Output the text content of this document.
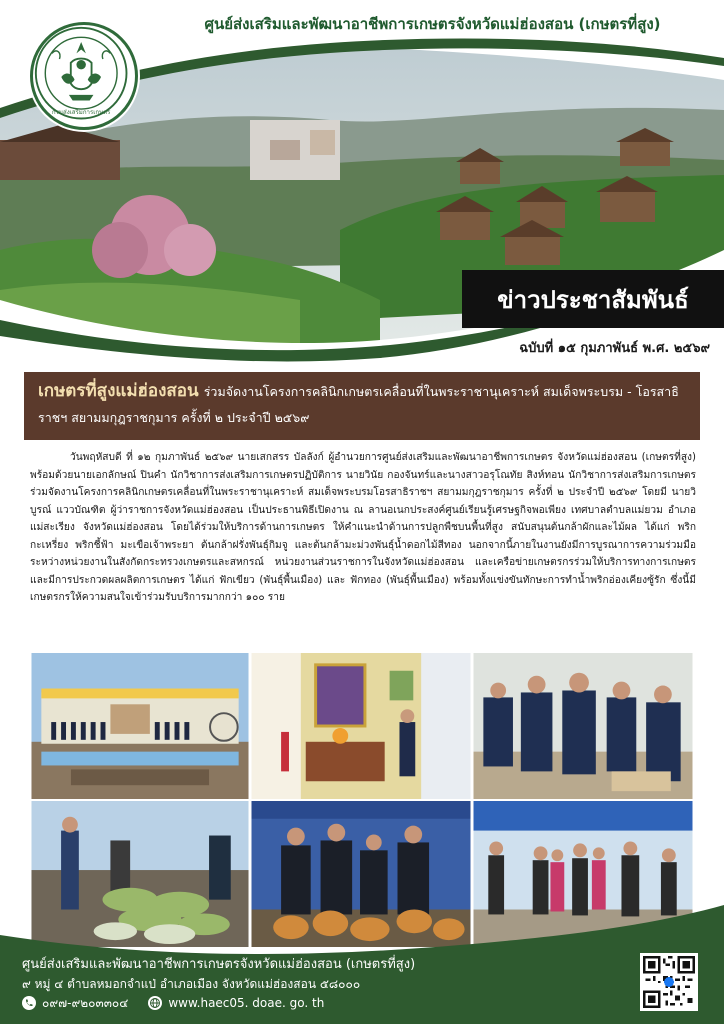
ศูนย์ส่งเสริมและพัฒนาอาชีพการเกษตรจังหวัดแม่ฮ่องสอน (เกษตรที่สูง)
กรมส่งเสริมการเกษตร
ข่าวประชาสัมพันธ์
ฉบับที่ ๑๕ กุมภาพันธ์ พ.ศ. ๒๕๖๙
เกษตรที่สูงแม่ฮ่องสอน ร่วมจัดงานโครงการคลินิกเกษตรเคลื่อนที่ในพระราชานุเคราะห์ สมเด็จพระบรม - โอรสาธิราชฯ สยามมกุฎราชกุมาร ครั้งที่ ๒ ประจำปี ๒๕๖๙

วันพฤหัสบดี ที่ ๑๒ กุมภาพันธ์ ๒๕๖๙ นายเสกสรร บัลลังก์ ผู้อำนวยการศูนย์ส่งเสริมและพัฒนาอาชีพการเกษตร จังหวัดแม่ฮ่องสอน (เกษตรที่สูง) พร้อมด้วยนายเอกลักษณ์ ปินคำ นักวิชาการส่งเสริมการเกษตรปฏิบัติการ นายวินัย กองจันทร์และนางสาวอรุโณทัย สิงห์ทอน นักวิชาการส่งเสริมการเกษตร ร่วมจัดงานโครงการคลินิกเกษตรเคลื่อนที่ในพระราชานุเคราะห์ สมเด็จพระบรมโอรสาธิราชฯ สยามมกุฎราชกุมาร ครั้งที่ ๒ ประจำปี ๒๕๖๙ โดยมี นายวิบูรณ์ แววบัณฑิต ผู้ว่าราชการจังหวัดแม่ฮ่องสอน เป็นประธานพิธีเปิดงาน ณ ลานอเนกประสงค์ศูนย์เรียนรู้เศรษฐกิจพอเพียง เทศบาลตำบลแม่ยวม อำเภอแม่สะเรียง จังหวัดแม่ฮ่องสอน โดยได้ร่วมให้บริการด้านการเกษตร ให้คำแนะนำด้านการปลูกพืชบนพื้นที่สูง สนับสนุนต้นกล้าผักและไม้ผล ได้แก่ พริกกะเหรี่ยง พริกชี้ฟ้า มะเขือเจ้าพระยา ต้นกล้าฝรั่งพันธุ์กิมจู และต้นกล้ามะม่วงพันธุ์น้ำดอกไม้สีทอง นอกจากนี้ภายในงานยังมีการบูรณาการความร่วมมือระหว่างหน่วยงานในสังกัดกระทรวงเกษตรและสหกรณ์ หน่วยงานส่วนราชการในจังหวัดแม่ฮ่องสอน และเครือข่ายเกษตรกรร่วมให้บริการทางการเกษตร และมีการประกวดผลผลิตการเกษตร ได้แก่ ฟักเขียว (พันธุ์พื้นเมือง) และ ฟักทอง (พันธุ์พื้นเมือง) พร้อมทั้งแข่งขันทักษะการทำน้ำพริกอ่องเคียงซู้รัก ซึ่งนี้มีเกษตรกรให้ความสนใจเข้าร่วมรับบริการมากกว่า ๑๐๐ ราย

ศูนย์ส่งเสริมและพัฒนาอาชีพการเกษตรจังหวัดแม่ฮ่องสอน (เกษตรที่สูง)
๙ หมู่ ๔ ตำบลหมอกจำแป่ อำเภอเมือง จังหวัดแม่ฮ่องสอน ๕๘๐๐๐
๐๙๗-๙๒๐๓๓๐๔	www.haec05. doae. go. th
